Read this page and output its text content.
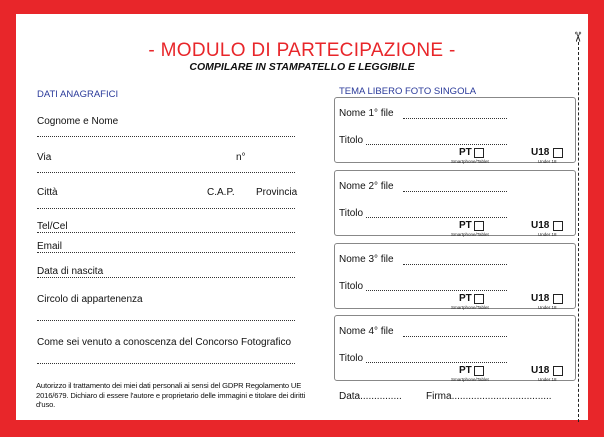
✂
- MODULO DI PARTECIPAZIONE -
COMPILARE IN STAMPATELLO E LEGGIBILE
DATI ANAGRAFICI
Cognome e Nome
Via	n°
Città	C.A.P. Provincia
Tel/Cel
Email
Data di nascita
Circolo di appartenenza
Come sei venuto a conoscenza del Concorso Fotografico
Autorizzo il trattamento dei miei dati personali ai sensi del GDPR Regolamento UE 2016/679. Dichiaro di essere l'autore e proprietario delle immagini e titolare dei diritti d'uso.
TEMA LIBERO FOTO SINGOLA
Nome 1° file
Titolo
PT
Smartphone/Tablet
U18
Under 18
Nome 2° file
Titolo
PT
Smartphone/Tablet
U18
Under 18
Nome 3° file
Titolo
PT
Smartphone/Tablet
U18
Under 18
Nome 4° file
Titolo
PT
Smartphone/Tablet
U18
Under 18
Data............... Firma....................................
